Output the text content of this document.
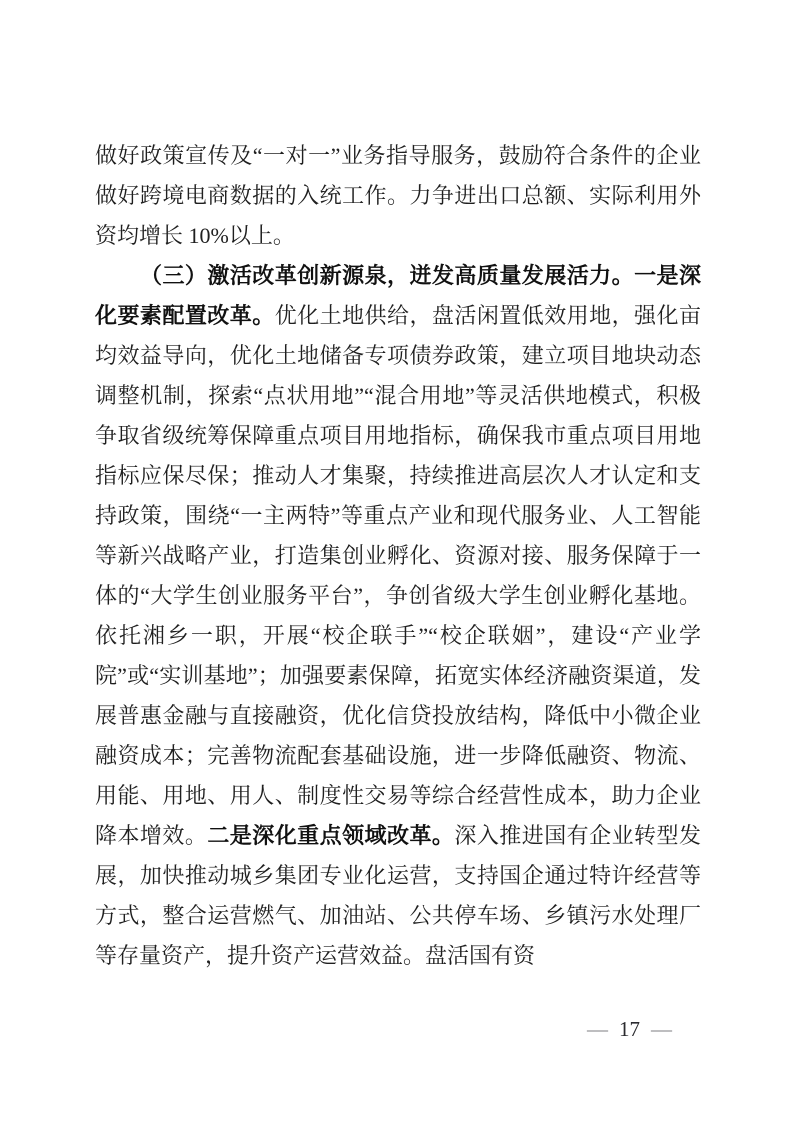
做好政策宣传及“一对一”业务指导服务，鼓励符合条件的企业做好跨境电商数据的入统工作。力争进出口总额、实际利用外资均增长 10%以上。

（三）激活改革创新源泉，迸发高质量发展活力。一是深化要素配置改革。优化土地供给，盘活闲置低效用地，强化亩均效益导向，优化土地储备专项债券政策，建立项目地块动态调整机制，探索“点状用地”“混合用地”等灵活供地模式，积极争取省级统筹保障重点项目用地指标，确保我市重点项目用地指标应保尽保；推动人才集聚，持续推进高层次人才认定和支持政策，围绕“一主两特”等重点产业和现代服务业、人工智能等新兴战略产业，打造集创业孵化、资源对接、服务保障于一体的“大学生创业服务平台”，争创省级大学生创业孵化基地。依托湘乡一职，开展“校企联手”“校企联姻”，建设“产业学院”或“实训基地”；加强要素保障，拓宽实体经济融资渠道，发展普惠金融与直接融资，优化信贷投放结构，降低中小微企业融资成本；完善物流配套基础设施，进一步降低融资、物流、用能、用地、用人、制度性交易等综合经营性成本，助力企业降本增效。二是深化重点领域改革。深入推进国有企业转型发展，加快推动城乡集团专业化运营，支持国企通过特许经营等方式，整合运营燃气、加油站、公共停车场、乡镇污水处理厂等存量资产，提升资产运营效益。盘活国有资

— 17 —
